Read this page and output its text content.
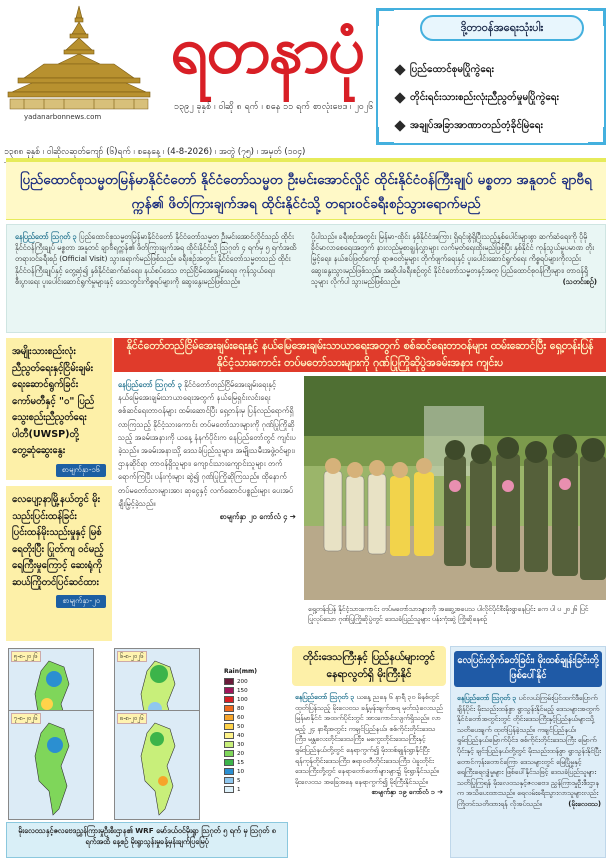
ရတနာပုံ
yadanarbonnews.com
၁၃၉၂ ခုနှစ် ၊ ဝါဆို ၈ ရက် ၊ စနေ ၁၁ ရက် စာလုံးဗေဒ ၊ ၂၀၂၆
၁၃၈၈ ခုနှစ် ၊ ဝါဆိုလဆုတ်ကျော် (၆)ရက် ၊ စနေနေ့ ၊ (4-8-2026) ၊ အတွဲ (၇၅) ၊ အမှတ် (၁၀၄)
ဒို့တာဝန်အရေးသုံးပါး
ပြည်ထောင်စုမပြိုကွဲရေး
တိုင်းရင်းသားစည်းလုံးညီညွတ်မှုမပြိုကွဲရေး
အချုပ်အခြာအာဏာတည်တံ့ခိုင်မြဲရေး
ပြည်ထောင်စုသမ္မတမြန်မာနိုင်ငံတော် နိုင်ငံတော်သမ္မတ ဦးမင်းအောင်လှိုင် ထိုင်းနိုင်ငံဝန်ကြီးချုပ် မစ္စတာ အနူတင် ချာဗီရက္ကန်၏ ဖိတ်ကြားချက်အရ ထိုင်းနိုင်ငံသို့ တရားဝင်ခရီးစဉ်သွားရောက်မည်
နေပြည်တော် ဩဂုတ် ၃ ပြည်ထောင်စုသမ္မတမြန်မာနိုင်ငံတော် နိုင်ငံတော်သမ္မတ ဦးမင်းအောင်လှိုင်သည် ထိုင်းနိုင်ငံဝန်ကြီးချုပ် မစ္စတာ အနူတင် ချာဗီရက္ကန်၏ ဖိတ်ကြားချက်အရ ထိုင်းနိုင်ငံသို့ ဩဂုတ် ၄ ရက်မှ ၅ ရက်အထိ တရားဝင်ခရီးစဉ် (Official Visit) သွားရောက်မည်ဖြစ်သည်။ ခရီးစဉ်အတွင်း နိုင်ငံတော်သမ္မတသည် ထိုင်းနိုင်ငံဝန်ကြီးချုပ်နှင့် တွေ့ဆုံ၍ နှစ်နိုင်ငံဆက်ဆံရေး၊ နယ်စပ်ဒေသ တည်ငြိမ်အေးချမ်းရေး၊ ကုန်သွယ်ရေး၊ စီးပွားရေး ပူးပေါင်းဆောင်ရွက်မှုများနှင့် ဒေသတွင်းကိစ္စရပ်များကို ဆွေးနွေးမည်ဖြစ်သည်။
ပို့ပါသည်။ ခရီးစဉ်အတွင်း မြန်မာ-ထိုင်း နှစ်နိုင်ငံအကြား ရှိရင်းစွဲရှိပြီးသည့်နှစ်ပေါင်းများစွာ ဆက်ဆံရေးကို ပိုမိုခိုင်မာလာစေရေးအတွက် နားလည်မှုစာချွန်လွှာများ လက်မှတ်ရေးထိုးမည်ဖြစ်ပြီး နှစ်နိုင်ငံ ကုန်သွယ်မှုပမာဏ တိုးမြှင့်ရေး၊ နယ်စပ်ဖြတ်ကျော် ရာဇဝတ်မှုများ တိုက်ဖျက်ရေးနှင့် ပူးပေါင်းဆောင်ရွက်ရေး ကိစ္စရပ်များကိုလည်း ဆွေးနွေးသွားမည်ဖြစ်သည်။ အဆိုပါခရီးစဉ်တွင် နိုင်ငံတော်သမ္မတနှင့်အတူ ပြည်ထောင်စုဝန်ကြီးများ၊ တာဝန်ရှိသူများ လိုက်ပါ သွားမည်ဖြစ်သည်။	(သတင်းစဉ်)
အမျိုးသားစည်းလုံးညီညွတ်ရေးနှင့်ငြိမ်းချမ်းရေးဆောင်ရွက်ခြင်းကော်မတီနှင့် "ဝ" ပြည်သွေးစည်းညီညွတ်ရေးပါတီ(UWSP)တို့ တွေ့ဆုံဆွေးနွေး
စာမျက်နှာ-၁၆
လေပျော့နာမြို့နယ်တွင် မိုးသည်းပြင်းထန်ခြင်း ပြင်းထန်မိုးသည်းမှုနှင့် မြစ်ရေတိုးပြီး ပြုတ်ကျ ဝင်မည့်ရေကြီးမှုကြောင့် ဆေးရုံကိုဆယ်ကြိုတင်ပြင်ဆင်ထား
စာမျက်နှာ-၂၀
နိုင်ငံတော်တည်ငြိမ်အေးချမ်းရေးနှင့် နယ်မြေအေးချမ်းသာယာရေးအတွက် စစ်ဆင်ရေးတာဝန်များ ထမ်းဆောင်ပြီး ရှေ့တန်းပြန် နိုင်ငံ့သားကောင်း တပ်မတော်သားများကို ဂုဏ်ပြုကြိုဆိုပွဲအခမ်းအနား ကျင်းပ
နေပြည်တော် ဩဂုတ် ၃ နိုင်ငံတော်တည်ငြိမ်အေးချမ်းရေးနှင့် နယ်မြေအေးချမ်းသာယာရေးအတွက် နယ်မြေရှင်းလင်းရေး စစ်ဆင်ရေးတာဝန်များ ထမ်းဆောင်ပြီး ရှေ့တန်းမှ ပြန်လည်ရောက်ရှိလာကြသည့် နိုင်ငံ့သားကောင်း တပ်မတော်သားများကို ဂုဏ်ပြုကြိုဆိုသည့် အခမ်းအနားကို ယနေ့ နံနက်ပိုင်းက နေပြည်တော်တွင် ကျင်းပခဲ့သည်။ အခမ်းအနားသို့ ဒေသခံပြည်သူများ၊ အမျိုးသမီးအဖွဲ့ဝင်များ၊ ဌာနဆိုင်ရာ တာဝန်ရှိသူများ၊ ကျောင်းသားကျောင်းသူများ တက်ရောက်ကြပြီး ပန်းကုံးများ ဆွဲ၍ ဂုဏ်ပြုကြိုဆိုကြသည်။ ထိုနောက် တပ်မတော်သားများအား ဆုငွေနှင့် လက်ဆောင်ပစ္စည်းများ ပေးအပ်ချီးမြှင့်ခဲ့သည်။
စာမျက်နှာ ၂၀ ကော်လံ ၄ ➔
ရှေ့တန်းပြန် နိုင်ငံ့သားကောင်း တပ်မတော်သားများကို အဆွေ့အပေသ ပါလိုင်ပိုင်စီးမိုးရွာနေပြင်း ကေ ပါ ပ ၂၀၂၆ ပြင် ပြုလုပ်သော ဂုဏ်ပြုကြိုဆိုပွဲတွင် ဒေသခံပြည်သူများ ပန်းကုံးဆွဲ ကြိုဆိုနေစဉ်
၅-၈-၂၀၂၆	၆-၈-၂၀၂၆
၇-၈-၂၀၂၆	၈-၈-၂၀၂၆
Rain(mm)
200
150
100
80
60
50
40
30
20
15
10
5
1
မိုးလေဝသနှင့်ဇလဗေဒညွှန်ကြားမှုဦးစီးဌာန၏ WRF မော်ဒယ်ဝင်မိုးရွာ ဩဂုတ် ၅ ရက် မှ ဩဂုတ် ၈ ရက်အထိ နေ့စဉ် မိုးရွာသွန်းမှုခန့်မှန်းချက်ပြမြေပုံ
တိုင်းဒေသကြီးနှင့် ပြည်နယ်များတွင် နေရာလွတ်ရှိ မိုးကြီးနိုင်
နေပြည်တော် ဩဂုတ် ၃ ယနေ့ ညနေ ၆ နာရီ ၃၀ မိနစ်တွင် ထုတ်ပြန်သည့် မိုးလေဝသ ခန့်မှန်းချက်အရ မုတ်သုံလေသည် မြန်မာနိုင်ငံ အထက်ပိုင်းတွင် အားကောင်းလျက်ရှိသည်။ လာမည့် ၂၄ နာရီအတွင်း ကချင်ပြည်နယ်၊ စစ်ကိုင်းတိုင်းဒေသကြီး၊ မန္တလေးတိုင်းဒေသကြီး၊ မကွေးတိုင်းဒေသကြီးနှင့် ရှမ်းပြည်နယ်တို့တွင် နေရာကွက်၍ မိုးထစ်ချုန်းရွာနိုင်ပြီး ရန်ကုန်တိုင်းဒေသကြီး၊ ဧရာဝတီတိုင်းဒေသကြီး၊ ပဲခူးတိုင်းဒေသကြီးတို့တွင် နေရာတော်တော်များများ၌ မိုးရွာနိုင်သည်။ မိုးလေဝသ အခြေအနေ နေရာကွက်၍ မိုးကြီးနိုင်သည်။
စာမျက်နှာ ၁၉ ကော်လံ ၁ ➔
လေပြင်းတိုက်ခတ်ခြင်း၊ မိုးထစ်ချုန်းခြင်းတို့ ဖြစ်ပေါ်နိုင်
နေပြည်တော် ဩဂုတ် ၃ ပင်လယ်ကြမ်းပြင်ထက်ဒီပြောက်ချိန်ပိုင်း မိုးသည်းထန်စွာ ရွာသွန်းနိုင်မည့် ဒေသများအတွက် နိုင်ငံတော်အတွင်းတွင် တိုင်းဒေသကြီးနှင့်ပြည်နယ်များသို့ သတိပေးချက် ထုတ်ပြန်ခဲ့သည်။ ကချင်ပြည်နယ်၊ ရှမ်းပြည်နယ်မြောက်ပိုင်း၊ စစ်ကိုင်းတိုင်းဒေသကြီး မြောက်ပိုင်းနှင့် ချင်းပြည်နယ်တို့တွင် မိုးသည်းထန်စွာ ရွာသွန်းနိုင်ပြီး တောင်ကုန်းတောင်ကြော ဒေသများတွင် မြေပြိုမှုနှင့် ရေကြီးရေလျှံမှုများ ဖြစ်ပေါ်နိုင်သဖြင့် ဒေသခံပြည်သူများ သတိပြုကြရန် မိုးလေဝသနှင့်ဇလဗေဒ ညွှန်ကြားမှုဦးစီးဌာနက အသိပေးထားသည်။ ရေလမ်းခရီးသွားလာသူများလည်း ကြိုတင်သတိထားရန် လိုအပ်သည်။	(မိုးလေဝသ)
